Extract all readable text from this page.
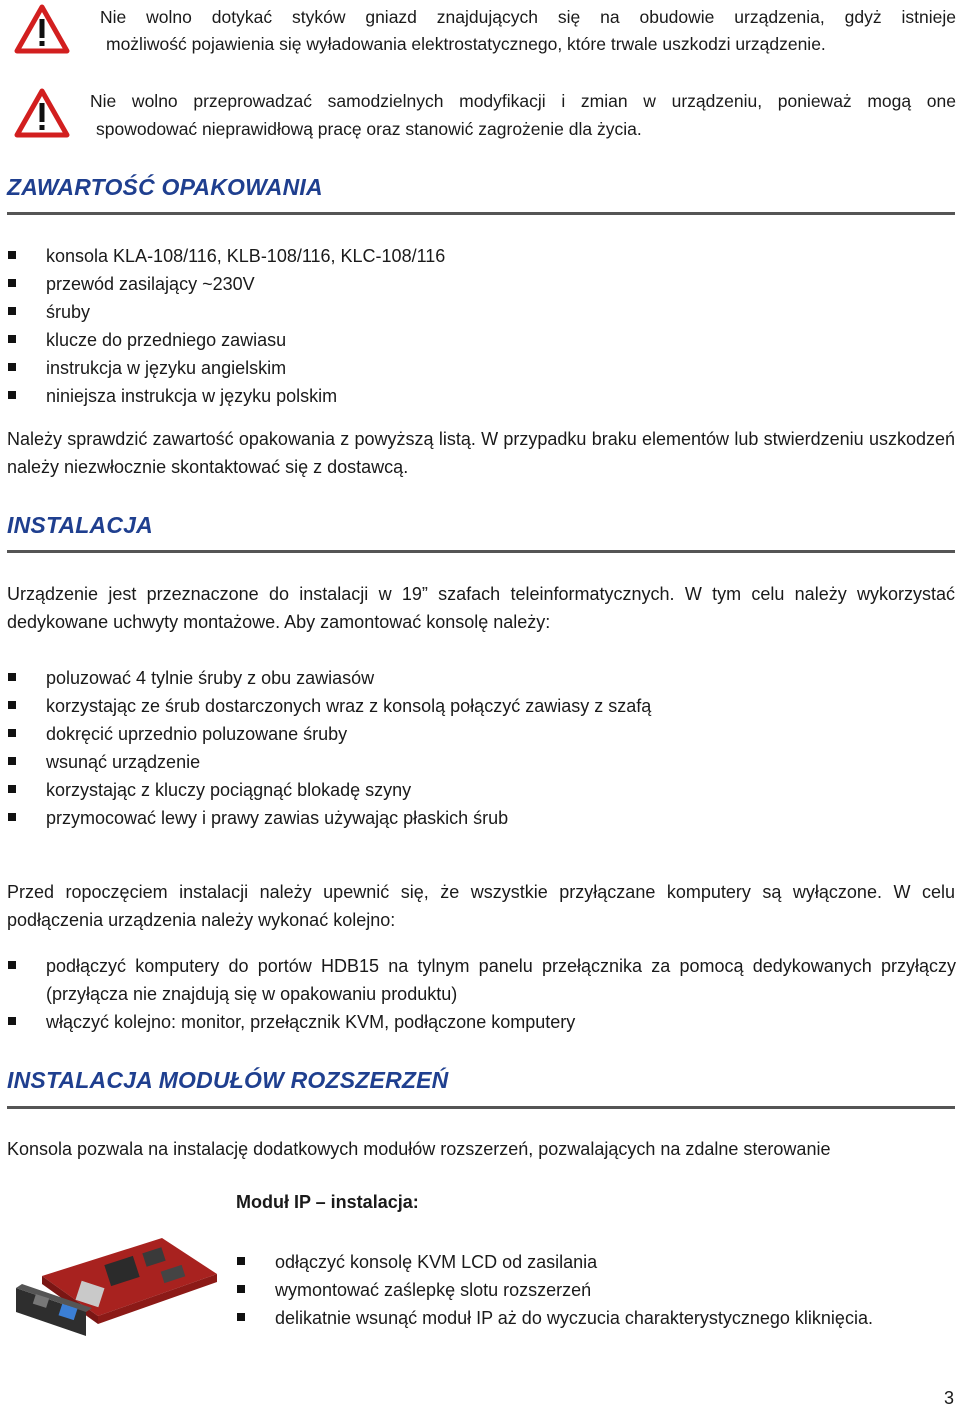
Nie wolno dotykać styków gniazd znajdujących się na obudowie urządzenia, gdyż istnieje
możliwość pojawienia się wyładowania elektrostatycznego, które trwale uszkodzi urządzenie.
Nie wolno przeprowadzać samodzielnych modyfikacji i zmian w urządzeniu, ponieważ mogą one
spowodować nieprawidłową pracę oraz stanowić zagrożenie dla życia.
ZAWARTOŚĆ OPAKOWANIA
konsola KLA-108/116, KLB-108/116, KLC-108/116
przewód zasilający ~230V
śruby
klucze do przedniego zawiasu
instrukcja w języku angielskim
niniejsza instrukcja w języku polskim
Należy sprawdzić zawartość opakowania z powyższą listą. W przypadku braku elementów lub stwierdzeniu uszkodzeń należy niezwłocznie skontaktować się z dostawcą.
INSTALACJA
Urządzenie jest przeznaczone do instalacji w 19” szafach teleinformatycznych. W tym celu należy wykorzystać dedykowane uchwyty montażowe. Aby zamontować konsolę należy:
poluzować 4 tylnie śruby z obu zawiasów
korzystając ze śrub dostarczonych wraz z konsolą połączyć zawiasy z szafą
dokręcić uprzednio poluzowane śruby
wsunąć urządzenie
korzystając z kluczy pociągnąć blokadę szyny
przymocować lewy i prawy zawias używając płaskich śrub
Przed ropoczęciem instalacji należy upewnić się, że wszystkie przyłączane komputery są wyłączone. W celu podłączenia urządzenia należy wykonać kolejno:
podłączyć komputery do portów HDB15 na tylnym panelu przełącznika za pomocą dedykowanych przyłączy (przyłącza nie znajdują się w opakowaniu produktu)
włączyć kolejno: monitor, przełącznik KVM, podłączone komputery
INSTALACJA MODUŁÓW ROZSZERZEŃ
Konsola pozwala na instalację dodatkowych modułów rozszerzeń, pozwalających na zdalne sterowanie
Moduł IP – instalacja:
odłączyć konsolę KVM LCD od zasilania
wymontować zaślepkę slotu rozszerzeń
delikatnie wsunąć moduł IP aż do wyczucia charakterystycznego kliknięcia.
3
